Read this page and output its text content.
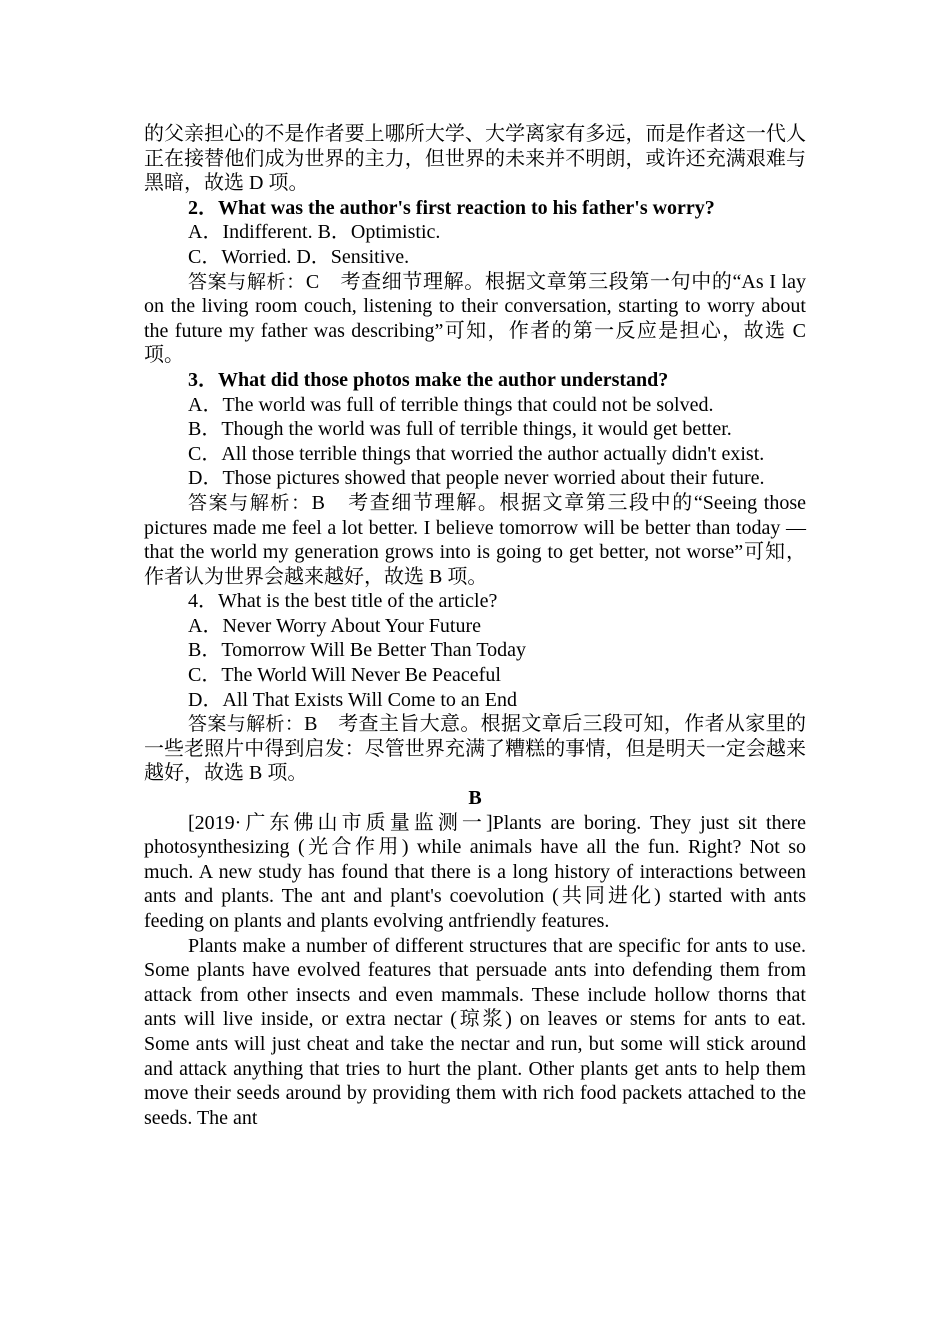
的父亲担心的不是作者要上哪所大学、大学离家有多远，而是作者这一代人正在接替他们成为世界的主力，但世界的未来并不明朗，或许还充满艰难与黑暗，故选 D 项。

2．What was the author's first reaction to his father's worry?

A．Indifferent. B．Optimistic.

C．Worried. D．Sensitive.

答案与解析：C　考查细节理解。根据文章第三段第一句中的“As I lay on the living room couch, listening to their conversation, starting to worry about the future my father was describing”可知，作者的第一反应是担心，故选 C 项。

3．What did those photos make the author understand?

A．The world was full of terrible things that could not be solved.

B．Though the world was full of terrible things, it would get better.

C．All those terrible things that worried the author actually didn't exist.

D．Those pictures showed that people never worried about their future.

答案与解析：B　考查细节理解。根据文章第三段中的“Seeing those pictures made me feel a lot better. I believe tomorrow will be better than today — that the world my generation grows into is going to get better, not worse”可知，作者认为世界会越来越好，故选 B 项。

4．What is the best title of the article?

A．Never Worry About Your Future

B．Tomorrow Will Be Better Than Today

C．The World Will Never Be Peaceful

D．All That Exists Will Come to an End

答案与解析：B　考查主旨大意。根据文章后三段可知，作者从家里的一些老照片中得到启发：尽管世界充满了糟糕的事情，但是明天一定会越来越好，故选 B 项。

B

[2019·广东佛山市质量监测一]Plants are boring. They just sit there photosynthesizing (光合作用) while animals have all the fun. Right? Not so much. A new study has found that there is a long history of interactions between ants and plants. The ant and plant's coevolution (共同进化) started with ants feeding on plants and plants evolving antfriendly features.

Plants make a number of different structures that are specific for ants to use. Some plants have evolved features that persuade ants into defending them from attack from other insects and even mammals. These include hollow thorns that ants will live inside, or extra nectar (琼浆) on leaves or stems for ants to eat. Some ants will just cheat and take the nectar and run, but some will stick around and attack anything that tries to hurt the plant. Other plants get ants to help them move their seeds around by providing them with rich food packets attached to the seeds. The ant
